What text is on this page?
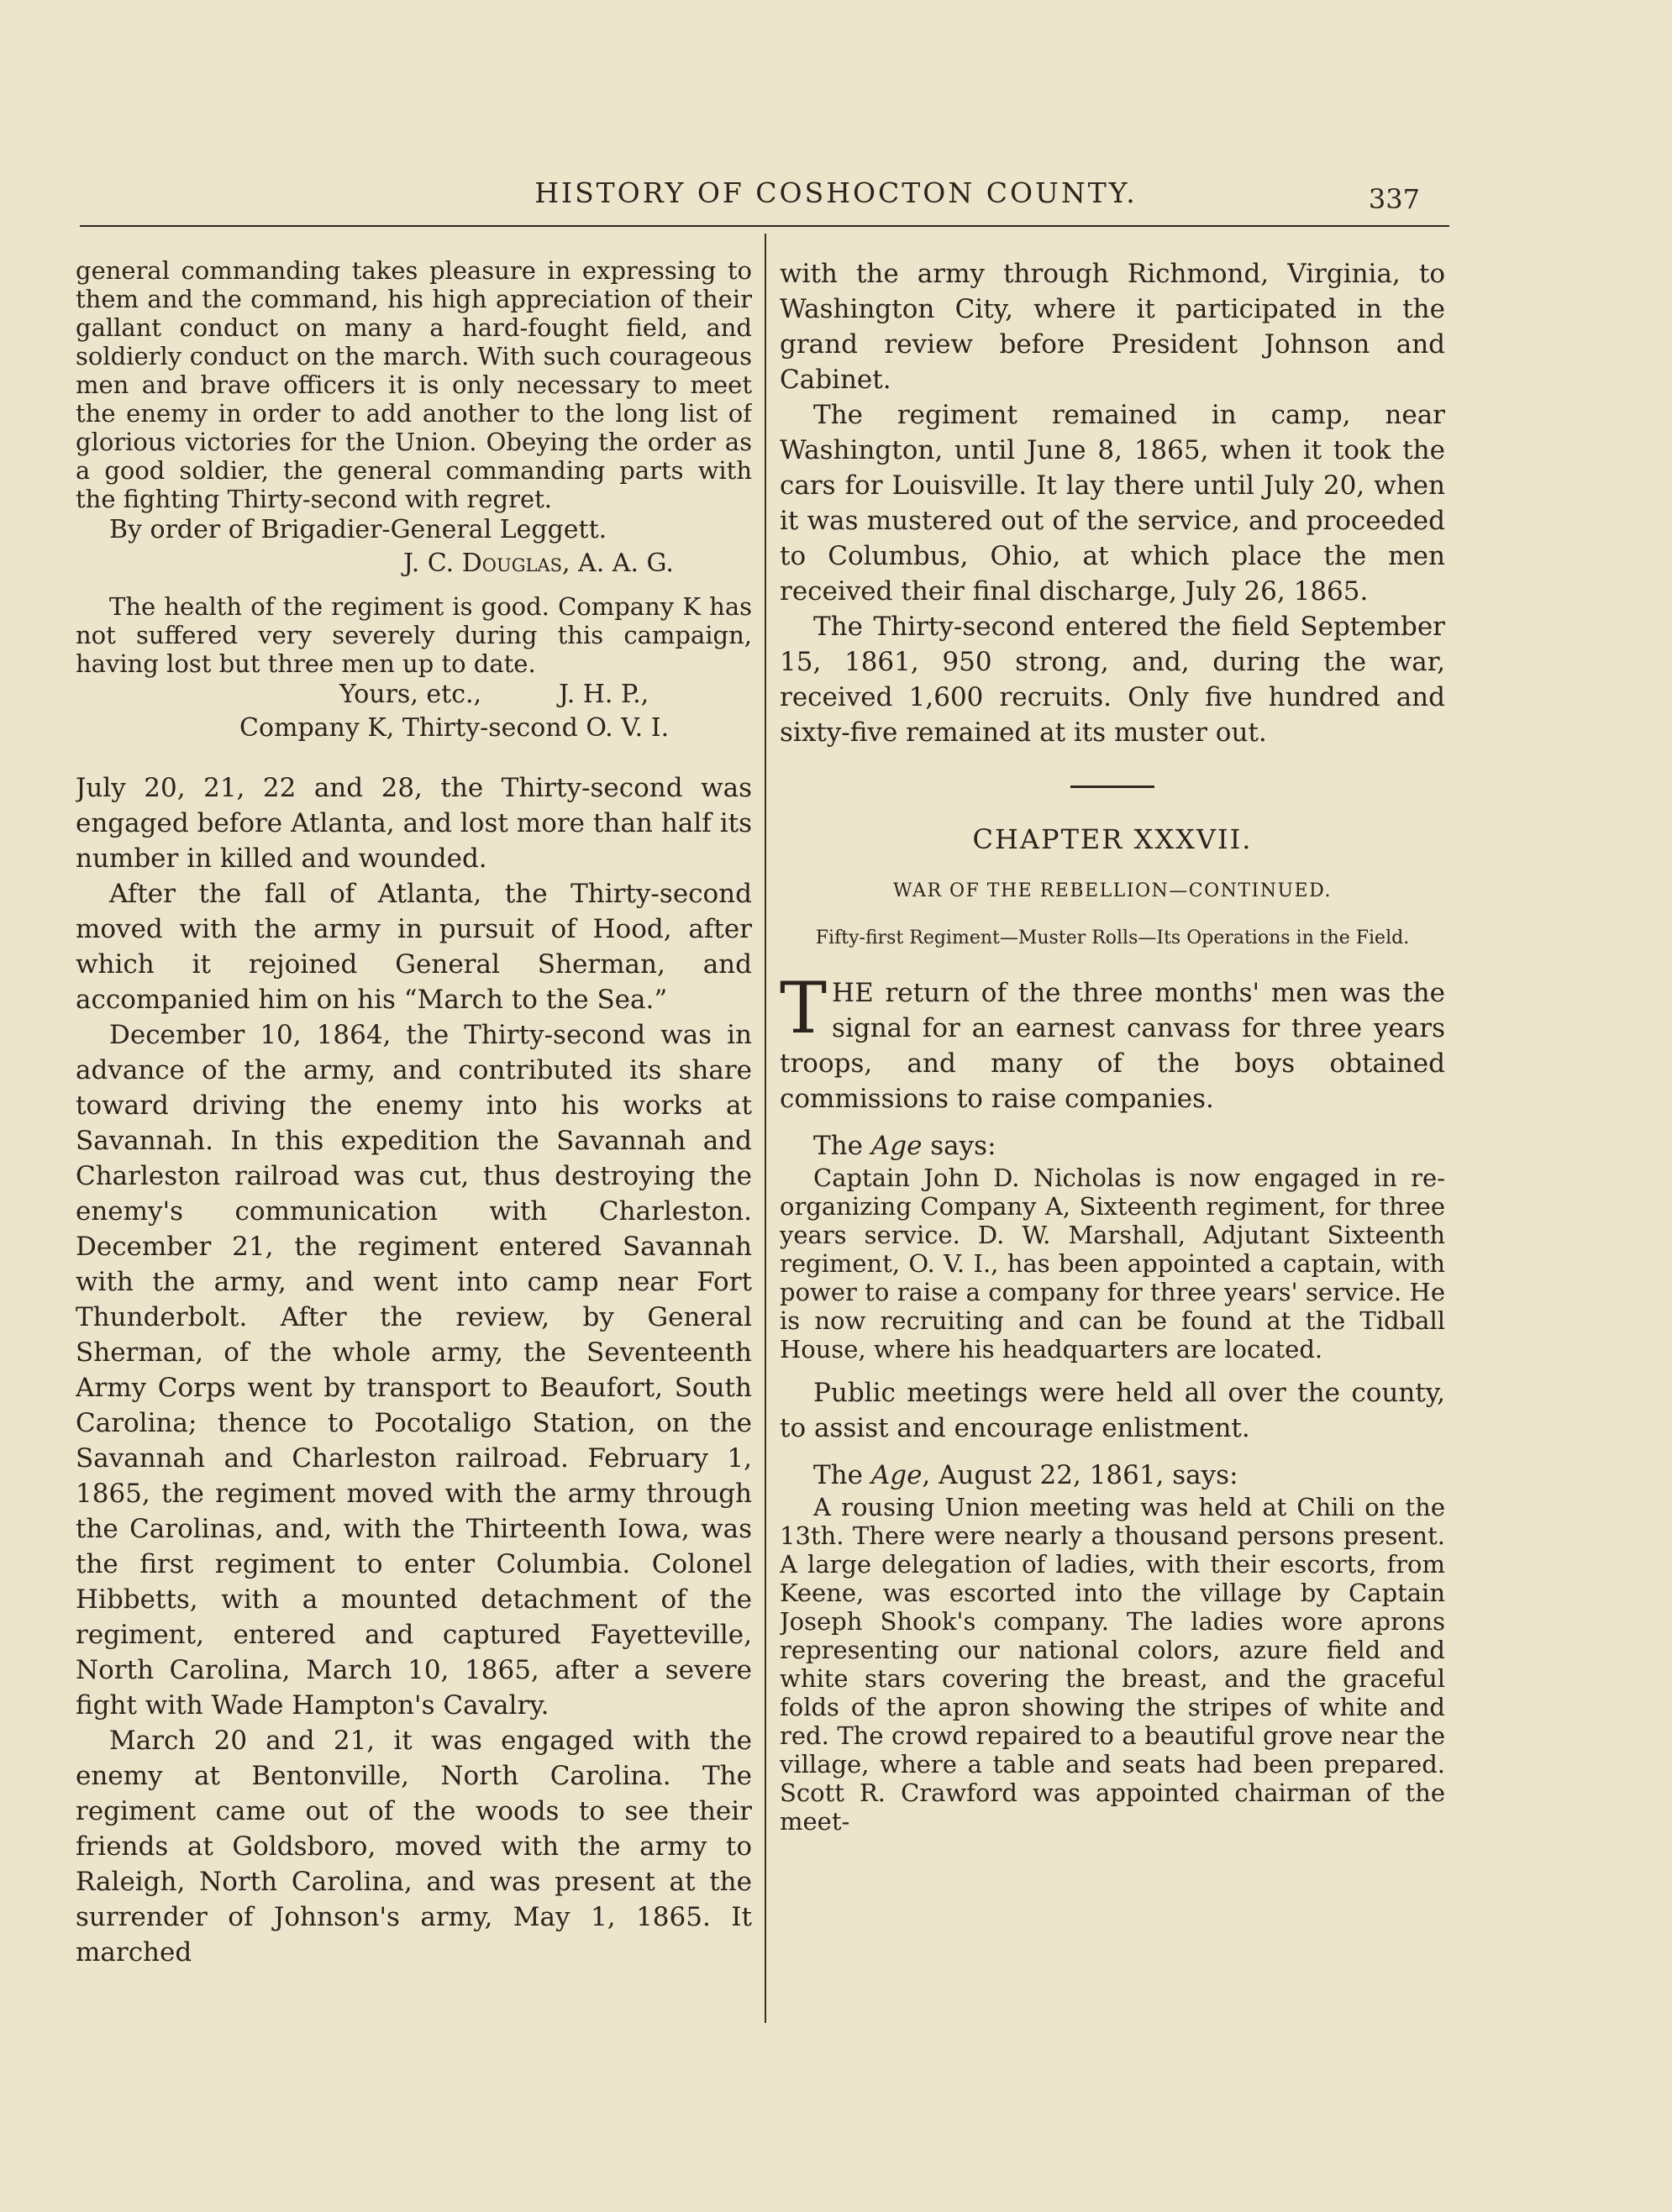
HISTORY OF COSHOCTON COUNTY.	337

general commanding takes pleasure in expressing to them and the command, his high appreciation of their gallant conduct on many a hard-fought field, and soldierly conduct on the march. With such courageous men and brave officers it is only necessary to meet the enemy in order to add another to the long list of glorious victories for the Union. Obeying the order as a good soldier, the general commanding parts with the fighting Thirty-second with regret.

By order of Brigadier-General Leggett.

J. C. Douglas, A. A. G.

The health of the regiment is good. Company K has not suffered very severely during this campaign, having lost but three men up to date.

Yours, etc.,	J. H. P.,

Company K, Thirty-second O. V. I.

July 20, 21, 22 and 28, the Thirty-second was engaged before Atlanta, and lost more than half its number in killed and wounded.

After the fall of Atlanta, the Thirty-second moved with the army in pursuit of Hood, after which it rejoined General Sherman, and accompanied him on his “March to the Sea.”

December 10, 1864, the Thirty-second was in advance of the army, and contributed its share toward driving the enemy into his works at Savannah. In this expedition the Savannah and Charleston railroad was cut, thus destroying the enemy's communication with Charleston. December 21, the regiment entered Savannah with the army, and went into camp near Fort Thunderbolt. After the review, by General Sherman, of the whole army, the Seventeenth Army Corps went by transport to Beaufort, South Carolina; thence to Pocotaligo Station, on the Savannah and Charleston railroad. February 1, 1865, the regiment moved with the army through the Carolinas, and, with the Thirteenth Iowa, was the first regiment to enter Columbia. Colonel Hibbetts, with a mounted detachment of the regiment, entered and captured Fayetteville, North Carolina, March 10, 1865, after a severe fight with Wade Hampton's Cavalry.

March 20 and 21, it was engaged with the enemy at Bentonville, North Carolina. The regiment came out of the woods to see their friends at Goldsboro, moved with the army to Raleigh, North Carolina, and was present at the surrender of Johnson's army, May 1, 1865. It marched

with the army through Richmond, Virginia, to Washington City, where it participated in the grand review before President Johnson and Cabinet.

The regiment remained in camp, near Washington, until June 8, 1865, when it took the cars for Louisville. It lay there until July 20, when it was mustered out of the service, and proceeded to Columbus, Ohio, at which place the men received their final discharge, July 26, 1865.

The Thirty-second entered the field September 15, 1861, 950 strong, and, during the war, received 1,600 recruits. Only five hundred and sixty-five remained at its muster out.

CHAPTER XXXVII.

WAR OF THE REBELLION—CONTINUED.

Fifty-first Regiment—Muster Rolls—Its Operations in the Field.

THE return of the three months' men was the signal for an earnest canvass for three years troops, and many of the boys obtained commissions to raise companies.

The Age says:

Captain John D. Nicholas is now engaged in re-organizing Company A, Sixteenth regiment, for three years service. D. W. Marshall, Adjutant Sixteenth regiment, O. V. I., has been appointed a captain, with power to raise a company for three years' service. He is now recruiting and can be found at the Tidball House, where his headquarters are located.

Public meetings were held all over the county, to assist and encourage enlistment.

The Age, August 22, 1861, says:

A rousing Union meeting was held at Chili on the 13th. There were nearly a thousand persons present. A large delegation of ladies, with their escorts, from Keene, was escorted into the village by Captain Joseph Shook's company. The ladies wore aprons representing our national colors, azure field and white stars covering the breast, and the graceful folds of the apron showing the stripes of white and red. The crowd repaired to a beautiful grove near the village, where a table and seats had been prepared. Scott R. Crawford was appointed chairman of the meet-
